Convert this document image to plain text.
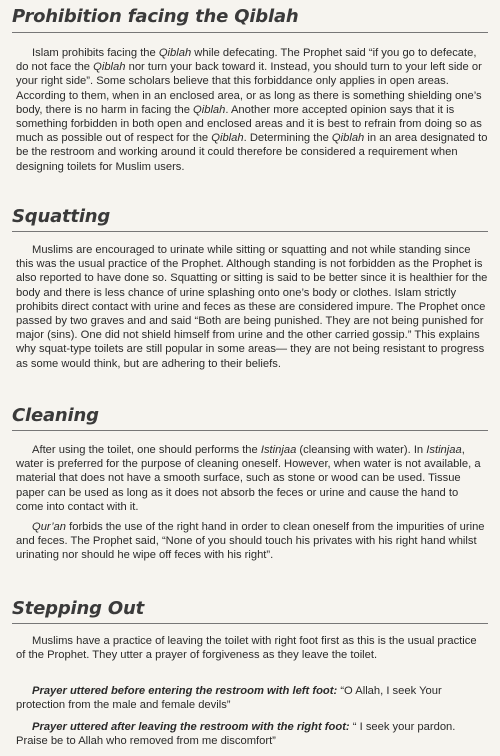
Prohibition facing the Qiblah

Islam prohibits facing the Qiblah while defecating. The Prophet said “if you go to defecate, do not face the Qiblah nor turn your back toward it. Instead, you should turn to your left side or your right side”. Some scholars believe that this forbiddance only applies in open areas. According to them, when in an enclosed area, or as long as there is something shielding one’s body, there is no harm in facing the Qiblah. Another more accepted opinion says that it is something forbidden in both open and enclosed areas and it is best to refrain from doing so as much as possible out of respect for the Qiblah. Determining the Qiblah in an area designated to be the restroom and working around it could therefore be considered a requirement when designing toilets for Muslim users.

Squatting

Muslims are encouraged to urinate while sitting or squatting and not while standing since this was the usual practice of the Prophet. Although standing is not forbidden as the Prophet is also reported to have done so. Squatting or sitting is said to be better since it is healthier for the body and there is less chance of urine splashing onto one’s body or clothes. Islam strictly prohibits direct contact with urine and feces as these are considered impure. The Prophet once passed by two graves and and said “Both are being punished. They are not being punished for major (sins). One did not shield himself from urine and the other carried gossip.” This explains why squat-type toilets are still popular in some areas— they are not being resistant to progress as some would think, but are adhering to their beliefs.

Cleaning

After using the toilet, one should performs the Istinjaa (cleansing with water). In Istinjaa, water is preferred for the purpose of cleaning oneself. However, when water is not available, a material that does not have a smooth surface, such as stone or wood can be used. Tissue paper can be used as long as it does not absorb the feces or urine and cause the hand to come into contact with it.

Qur’an forbids the use of the right hand in order to clean oneself from the impurities of urine and feces. The Prophet said, “None of you should touch his privates with his right hand whilst urinating nor should he wipe off feces with his right”.

Stepping Out

Muslims have a practice of leaving the toilet with right foot first as this is the usual practice of the Prophet. They utter a prayer of forgiveness as they leave the toilet.

Prayer uttered before entering the restroom with left foot: “O Allah, I seek Your protection from the male and female devils”

Prayer uttered after leaving the restroom with the right foot: “ I seek your pardon. Praise be to Allah who removed from me discomfort”
